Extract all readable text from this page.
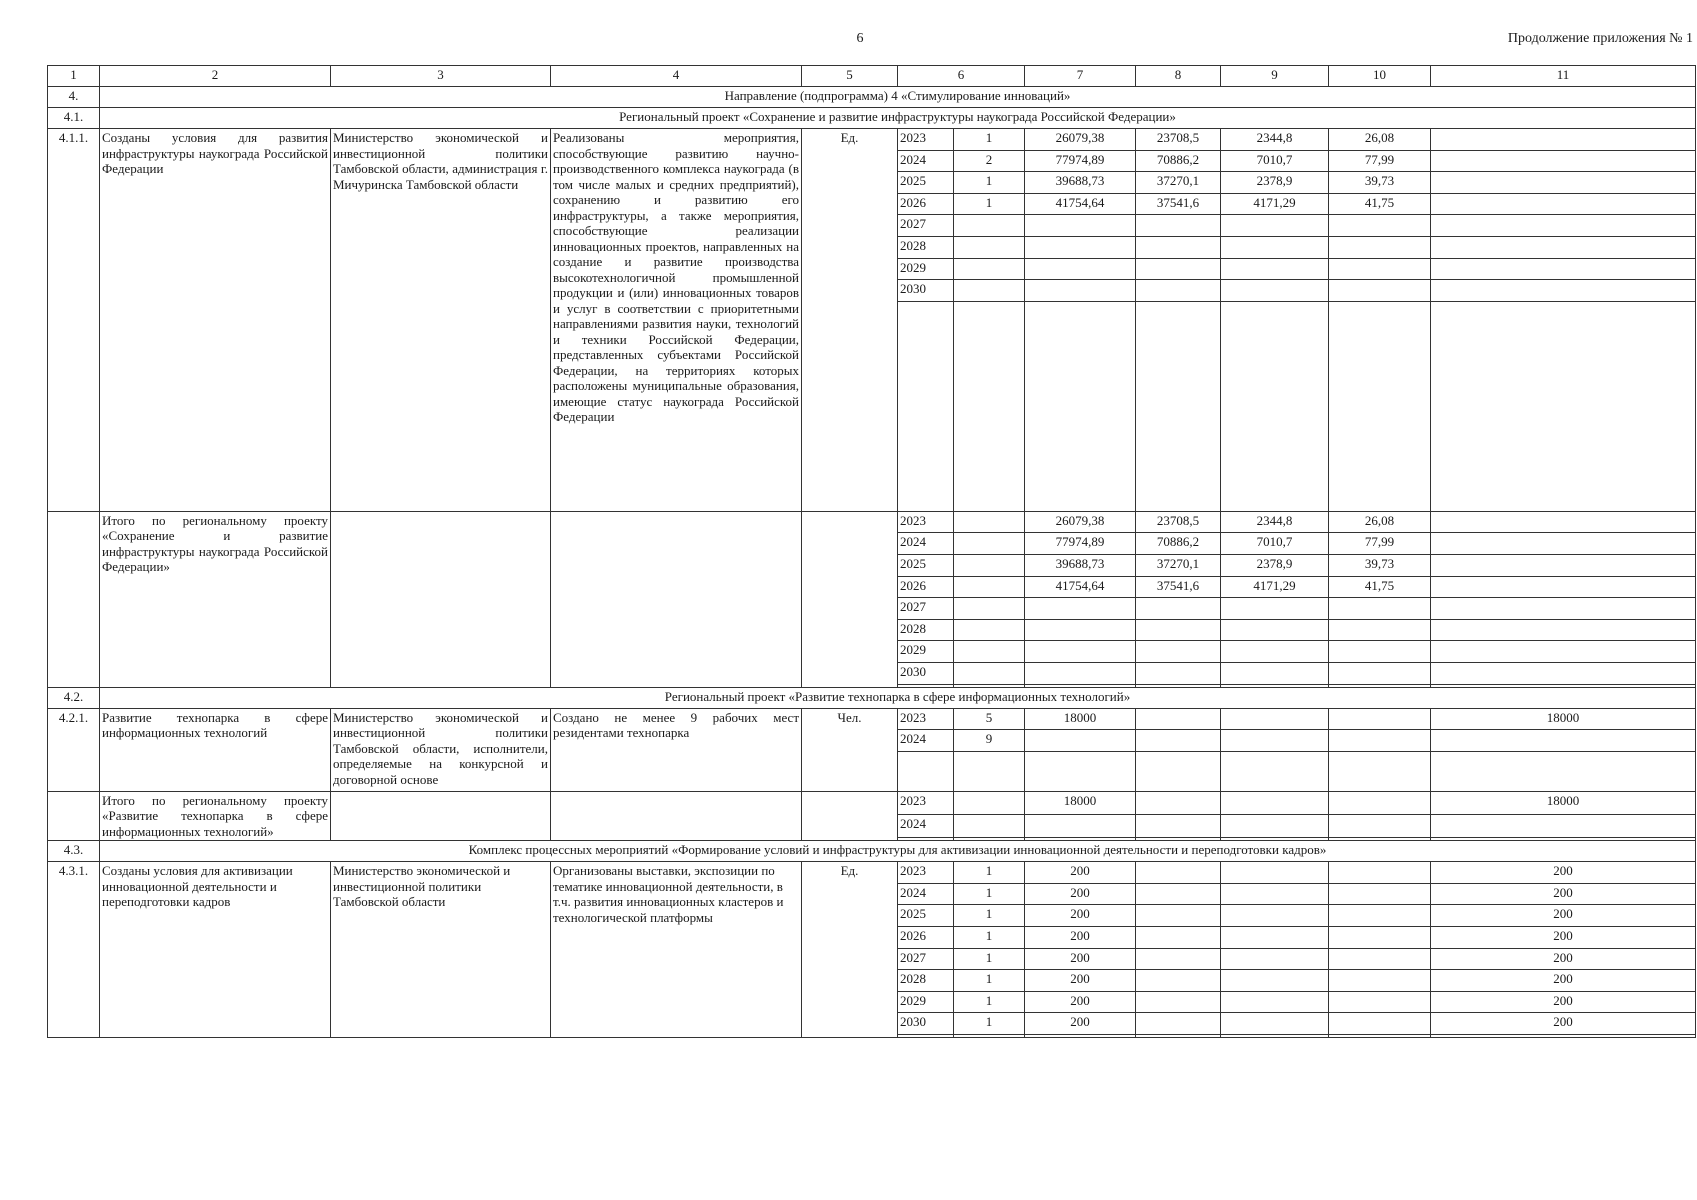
6	Продолжение приложения № 1
1	2	3	4	5	6		7	8	9	10	11
4.	Направление (подпрограмма) 4 «Стимулирование инноваций»										
4.1.	Региональный проект «Сохранение и развитие инфраструктуры наукограда Российской Федерации»										
4.1.1.	Созданы условия для развития инфраструктуры наукограда Российской Федерации	Министерство экономической и инвестиционной политики Тамбовской области, администрация г. Мичуринска Тамбовской области	Реализованы мероприятия, способствующие развитию научно-производственного комплекса наукограда (в том числе малых и средних предприятий), сохранению и развитию его инфраструктуры, а также мероприятия, способствующие реализации инновационных проектов, направленных на создание и развитие производства высокотехнологичной промышленной продукции и (или) инновационных товаров и услуг в соответствии с приоритетными направлениями развития науки, технологий и техники Российской Федерации, представленных субъектами Российской Федерации, на территориях которых расположены муниципальные образования, имеющие статус наукограда Российской Федерации	Ед.	2023	1	26079,38	23708,5	2344,8	26,08	
					2024	2	77974,89	70886,2	7010,7	77,99	
					2025	1	39688,73	37270,1	2378,9	39,73	
					2026	1	41754,64	37541,6	4171,29	41,75	
					2027						
					2028						
					2029						
					2030						

	Итого по региональному проекту «Сохранение и развитие инфраструктуры наукограда Российской Федерации»				2023		26079,38	23708,5	2344,8	26,08	
					2024		77974,89	70886,2	7010,7	77,99	
					2025		39688,73	37270,1	2378,9	39,73	
					2026		41754,64	37541,6	4171,29	41,75	
					2027						
					2028						
					2029						
					2030						

4.2.	Региональный проект «Развитие технопарка в сфере информационных технологий»										
4.2.1.	Развитие технопарка в сфере информационных технологий	Министерство экономической и инвестиционной политики Тамбовской области, исполнители, определяемые на конкурсной и договорной основе	Создано не менее 9 рабочих мест резидентами технопарка	Чел.	2023	5	18000				18000
					2024	9					

	Итого по региональному проекту «Развитие технопарка в сфере информационных технологий»				2023		18000				18000
					2024						

4.3.	Комплекс процессных мероприятий «Формирование условий и инфраструктуры для активизации инновационной деятельности и переподготовки кадров»										
4.3.1.	Созданы условия для активизации инновационной деятельности и переподготовки кадров	Министерство экономической и инвестиционной политики Тамбовской области	Организованы выставки, экспозиции по тематике инновационной деятельности, в т.ч. развития инновационных кластеров и технологической платформы	Ед.	2023	1	200				200
					2024	1	200				200
					2025	1	200				200
					2026	1	200				200
					2027	1	200				200
					2028	1	200				200
					2029	1	200				200
					2030	1	200				200
